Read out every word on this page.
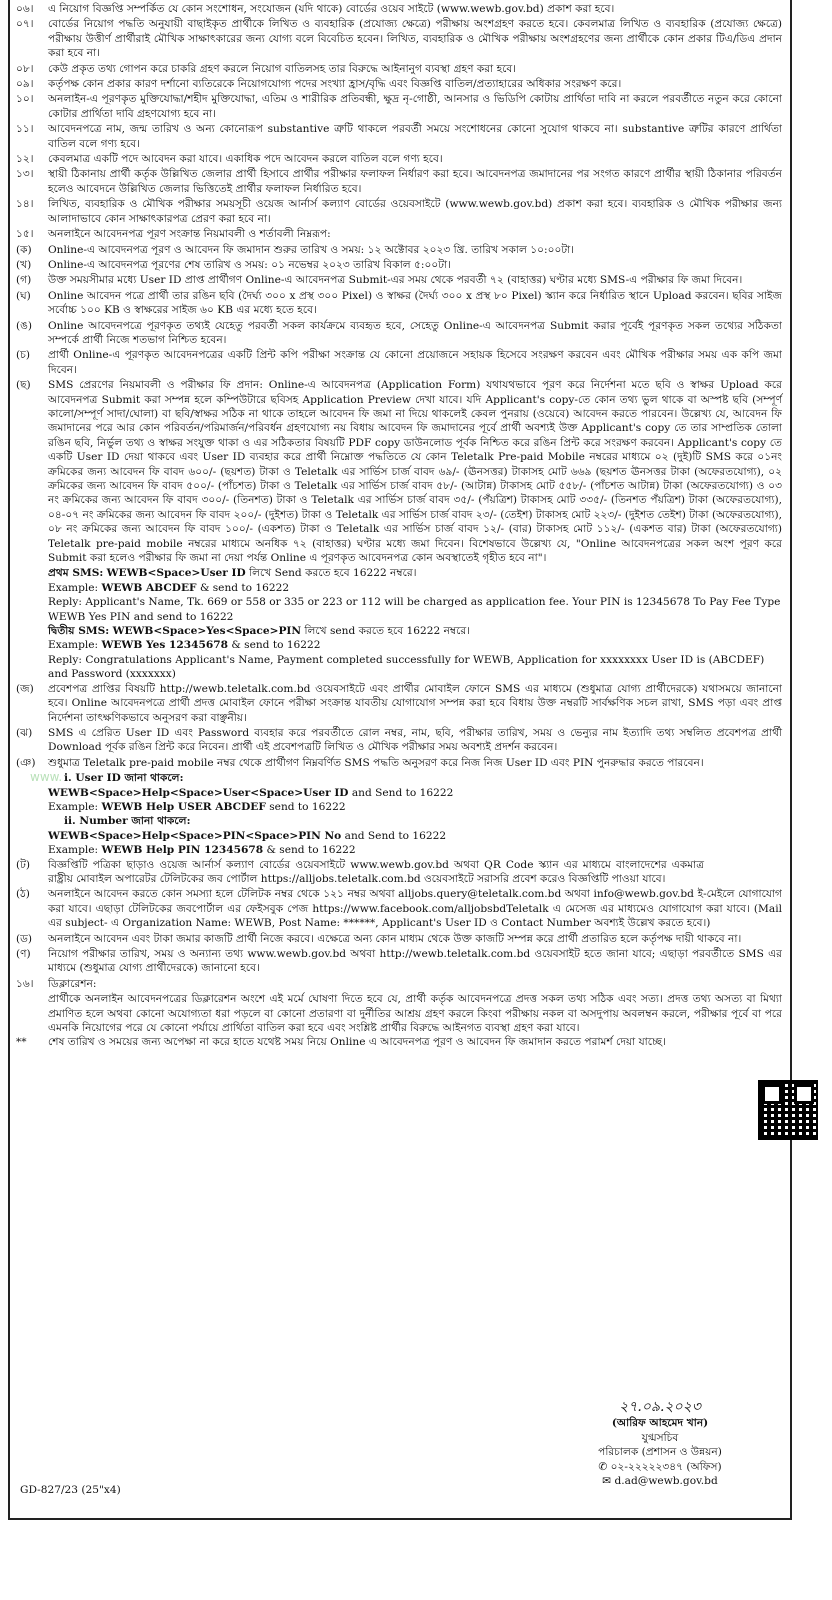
০৬।	এ নিয়োগ বিজ্ঞপ্তি সম্পর্কিত যে কোন সংশোধন, সংযোজন (যদি থাকে) বোর্ডের ওয়েব সাইটে (www.wewb.gov.bd) প্রকাশ করা হবে।
০৭।	বোর্ডের নিয়োগ পদ্ধতি অনুযায়ী বাছাইকৃত প্রার্থীকে লিখিত ও ব্যবহারিক (প্রযোজ্য ক্ষেত্রে) পরীক্ষায় অংশগ্রহণ করতে হবে। কেবলমাত্র লিখিত ও ব্যবহারিক (প্রযোজ্য ক্ষেত্রে) পরীক্ষায় উত্তীর্ণ প্রার্থীরাই মৌখিক সাক্ষাৎকারের জন্য যোগ্য বলে বিবেচিত হবেন। লিখিত, ব্যবহারিক ও মৌখিক পরীক্ষায় অংশগ্রহণের জন্য প্রার্থীকে কোন প্রকার টিএ/ডিএ প্রদান করা হবে না।
০৮।	কেউ প্রকৃত তথ্য গোপন করে চাকরি গ্রহণ করলে নিয়োগ বাতিলসহ তার বিরুদ্ধে আইনানুগ ব্যবস্থা গ্রহণ করা হবে।
০৯।	কর্তৃপক্ষ কোন প্রকার কারণ দর্শানো ব্যতিরেকে নিয়োগযোগ্য পদের সংখ্যা হ্রাস/বৃদ্ধি এবং বিজ্ঞপ্তি বাতিল/প্রত্যাহারের অধিকার সংরক্ষণ করে।
১০।	অনলাইন-এ পূরণকৃত মুক্তিযোদ্ধা/শহীদ মুক্তিযোদ্ধা, এতিম ও শারীরিক প্রতিবন্ধী, ক্ষুদ্র নৃ-গোষ্ঠী, আনসার ও ভিডিপি কোটায় প্রার্থিতা দাবি না করলে পরবর্তীতে নতুন করে কোনো কোটার প্রার্থিতা দাবি গ্রহণযোগ্য হবে না।
১১।	আবেদনপত্রে নাম, জন্ম তারিখ ও অন্য কোনোরূপ substantive ত্রুটি থাকলে পরবর্তী সময়ে সংশোধনের কোনো সুযোগ থাকবে না। substantive ত্রুটির কারণে প্রার্থিতা বাতিল বলে গণ্য হবে।
১২।	কেবলমাত্র একটি পদে আবেদন করা যাবে। একাধিক পদে আবেদন করলে বাতিল বলে গণ্য হবে।
১৩।	স্থায়ী ঠিকানায় প্রার্থী কর্তৃক উল্লিখিত জেলার প্রার্থী হিসাবে প্রার্থীর পরীক্ষার ফলাফল নির্ধারণ করা হবে। আবেদনপত্র জমাদানের পর সংগত কারণে প্রার্থীর স্থায়ী ঠিকানার পরিবর্তন হলেও আবেদনে উল্লিখিত জেলার ভিত্তিতেই প্রার্থীর ফলাফল নির্ধারিত হবে।
১৪।	লিখিত, ব্যবহারিক ও মৌখিক পরীক্ষার সময়সূচী ওয়েজ আর্নার্স কল্যাণ বোর্ডের ওয়েবসাইটে (www.wewb.gov.bd) প্রকাশ করা হবে। ব্যবহারিক ও মৌখিক পরীক্ষার জন্য আলাদাভাবে কোন সাক্ষাৎকারপত্র প্রেরণ করা হবে না।
১৫।	অনলাইনে আবেদনপত্র পূরণ সংক্রান্ত নিয়মাবলী ও শর্তাবলী নিম্নরূপ:
(ক)	Online-এ আবেদনপত্র পূরণ ও আবেদন ফি জমাদান শুরুর তারিখ ও সময়: ১২ অক্টোবর ২০২৩ খ্রি. তারিখ সকাল ১০:০০টা।
(খ)	Online-এ আবেদনপত্র পূরণের শেষ তারিখ ও সময়: ০১ নভেম্বর ২০২৩ তারিখ বিকাল ৫:০০টা।
(গ)	উক্ত সময়সীমার মধ্যে User ID প্রাপ্ত প্রার্থীগণ Online-এ আবেদনপত্র Submit-এর সময় থেকে পরবর্তী ৭২ (বাহাত্তর) ঘণ্টার মধ্যে SMS-এ পরীক্ষার ফি জমা দিবেন।
(ঘ)	Online আবেদন পত্রে প্রার্থী তার রঙিন ছবি (দৈর্ঘ্য ৩০০ x প্রস্থ ৩০০ Pixel) ও স্বাক্ষর (দৈর্ঘ্য ৩০০ x প্রস্থ ৮০ Pixel) স্ক্যান করে নির্ধারিত স্থানে Upload করবেন। ছবির সাইজ সর্বোচ্চ ১০০ KB ও স্বাক্ষরের সাইজ ৬০ KB এর মধ্যে হতে হবে।
(ঙ)	Online আবেদনপত্রে পূরণকৃত তথ্যই যেহেতু পরবর্তী সকল কার্যক্রমে ব্যবহৃত হবে, সেহেতু Online-এ আবেদনপত্র Submit করার পূর্বেই পূরণকৃত সকল তথ্যের সঠিকতা সম্পর্কে প্রার্থী নিজে শতভাগ নিশ্চিত হবেন।
(চ)	প্রার্থী Online-এ পূরণকৃত আবেদনপত্রের একটি প্রিন্ট কপি পরীক্ষা সংক্রান্ত যে কোনো প্রয়োজনে সহায়ক হিসেবে সংরক্ষণ করবেন এবং মৌখিক পরীক্ষার সময় এক কপি জমা দিবেন।
(ছ)	SMS প্রেরণের নিয়মাবলী ও পরীক্ষার ফি প্রদান: Online-এ আবেদনপত্র (Application Form) যথাযথভাবে পূরণ করে নির্দেশনা মতে ছবি ও স্বাক্ষর Upload করে আবেদনপত্র Submit করা সম্পন্ন হলে কম্পিউটারে ছবিসহ Application Preview দেখা যাবে। যদি Applicant's copy-তে কোন তথ্য ভুল থাকে বা অস্পষ্ট ছবি (সম্পূর্ণ কালো/সম্পূর্ণ সাদা/ঘোলা) বা ছবি/স্বাক্ষর সঠিক না থাকে তাহলে আবেদন ফি জমা না দিয়ে থাকলেই কেবল পুনরায় (ওয়েবে) আবেদন করতে পারবেন। উল্লেখ্য যে, আবেদন ফি জমাদানের পরে আর কোন পরিবর্তন/পরিমার্জন/পরিবর্ধন গ্রহণযোগ্য নয় বিধায় আবেদন ফি জমাদানের পূর্বে প্রার্থী অবশ্যই উক্ত Applicant's copy তে তার সাম্প্রতিক তোলা রঙিন ছবি, নির্ভুল তথ্য ও স্বাক্ষর সংযুক্ত থাকা ও এর সঠিকতার বিষয়টি PDF copy ডাউনলোড পূর্বক নিশ্চিত করে রঙিন প্রিন্ট করে সংরক্ষণ করবেন। Applicant's copy তে একটি User ID দেয়া থাকবে এবং User ID ব্যবহার করে প্রার্থী নিম্নোক্ত পদ্ধতিতে যে কোন Teletalk Pre-paid Mobile নম্বরের মাধ্যমে ০২ (দুই)টি SMS করে ০১নং ক্রমিকের জন্য আবেদন ফি বাবদ ৬০০/- (ছয়শত) টাকা ও Teletalk এর সার্ভিস চার্জ বাবদ ৬৯/- (ঊনসত্তর) টাকাসহ মোট ৬৬৯ (ছয়শত ঊনসত্তর টাকা (অফেরতযোগ্য), ০২ ক্রমিকের জন্য আবেদন ফি বাবদ ৫০০/- (পাঁচশত) টাকা ও Teletalk এর সার্ভিস চার্জ বাবদ ৫৮/- (আটান্ন) টাকাসহ মোট ৫৫৮/- (পাঁচশত আটান্ন) টাকা (অফেরতযোগ্য) ও ০৩ নং ক্রমিকের জন্য আবেদন ফি বাবদ ৩০০/- (তিনশত) টাকা ও Teletalk এর সার্ভিস চার্জ বাবদ ৩৫/- (পঁয়ত্রিশ) টাকাসহ মোট ৩৩৫/- (তিনশত পঁয়ত্রিশ) টাকা (অফেরতযোগ্য), ০৪-০৭ নং ক্রমিকের জন্য আবেদন ফি বাবদ ২০০/- (দুইশত) টাকা ও Teletalk এর সার্ভিস চার্জ বাবদ ২৩/- (তেইশ) টাকাসহ মোট ২২৩/- (দুইশত তেইশ) টাকা (অফেরতযোগ্য), ০৮ নং ক্রমিকের জন্য আবেদন ফি বাবদ ১০০/- (একশত) টাকা ও Teletalk এর সার্ভিস চার্জ বাবদ ১২/- (বার) টাকাসহ মোট ১১২/- (একশত বার) টাকা (অফেরতযোগ্য) Teletalk pre-paid mobile নম্বরের মাধ্যমে অনধিক ৭২ (বাহাত্তর) ঘণ্টার মধ্যে জমা দিবেন। বিশেষভাবে উল্লেখ্য যে, "Online আবেদনপত্রের সকল অংশ পূরণ করে Submit করা হলেও পরীক্ষার ফি জমা না দেয়া পর্যন্ত Online এ পূরণকৃত আবেদনপত্র কোন অবস্থাতেই গৃহীত হবে না"।
প্রথম SMS: WEWB<Space>User ID লিখে Send করতে হবে 16222 নম্বরে।
Example: WEWB ABCDEF & send to 16222
Reply: Applicant's Name, Tk. 669 or 558 or 335 or 223 or 112 will be charged as application fee. Your PIN is 12345678 To Pay Fee Type WEWB Yes PIN and send to 16222
দ্বিতীয় SMS: WEWB<Space>Yes<Space>PIN লিখে send করতে হবে 16222 নম্বরে।
Example: WEWB Yes 12345678 & send to 16222
Reply: Congratulations Applicant's Name, Payment completed successfully for WEWB, Application for xxxxxxxx User ID is (ABCDEF) and Password (xxxxxxx)
(জ)	প্রবেশপত্র প্রাপ্তির বিষয়টি http://wewb.teletalk.com.bd ওয়েবসাইটে এবং প্রার্থীর মোবাইল ফোনে SMS এর মাধ্যমে (শুধুমাত্র যোগ্য প্রার্থীদেরকে) যথাসময়ে জানানো হবে। Online আবেদনপত্রে প্রার্থী প্রদত্ত মোবাইল ফোনে পরীক্ষা সংক্রান্ত যাবতীয় যোগাযোগ সম্পন্ন করা হবে বিধায় উক্ত নম্বরটি সার্বক্ষণিক সচল রাখা, SMS পড়া এবং প্রাপ্ত নির্দেশনা তাৎক্ষণিকভাবে অনুসরণ করা বাঞ্ছনীয়।
(ঝ)	SMS এ প্রেরিত User ID এবং Password ব্যবহার করে পরবর্তীতে রোল নম্বর, নাম, ছবি, পরীক্ষার তারিখ, সময় ও ভেন্যুর নাম ইত্যাদি তথ্য সম্বলিত প্রবেশপত্র প্রার্থী Download পূর্বক রঙিন প্রিন্ট করে নিবেন। প্রার্থী এই প্রবেশপত্রটি লিখিত ও মৌখিক পরীক্ষার সময় অবশ্যই প্রদর্শন করবেন।
(ঞ)	শুধুমাত্র Teletalk pre-paid mobile নম্বর থেকে প্রার্থীগণ নিম্নবর্ণিত SMS পদ্ধতি অনুসরণ করে নিজ নিজ User ID এবং PIN পুনরুদ্ধার করতে পারবেন।
i. User ID জানা থাকলে:
WEWB<Space>Help<Space>User<Space>User ID and Send to 16222
Example: WEWB Help USER ABCDEF send to 16222
ii. Number জানা থাকলে:
WEWB<Space>Help<Space>PIN<Space>PIN No and Send to 16222
Example: WEWB Help PIN 12345678 & send to 16222
(ট)	বিজ্ঞপ্তিটি পত্রিকা ছাড়াও ওয়েজ আর্নার্স কল্যাণ বোর্ডের ওয়েবসাইটে www.wewb.gov.bd অথবা QR Code স্ক্যান এর মাধ্যমে বাংলাদেশের একমাত্র রাষ্ট্রীয় মোবাইল অপারেটর টেলিটকের জব পোর্টাল https://alljobs.teletalk.com.bd ওয়েবসাইটে সরাসরি প্রবেশ করেও বিজ্ঞপ্তিটি পাওয়া যাবে।
(ঠ)	অনলাইনে আবেদন করতে কোন সমস্যা হলে টেলিটক নম্বর থেকে ১২১ নম্বর অথবা alljobs.query@teletalk.com.bd অথবা info@wewb.gov.bd ই-মেইলে যোগাযোগ করা যাবে। এছাড়া টেলিটকের জবপোর্টাল এর ফেইসবুক পেজ https://www.facebook.com/alljobsbdTeletalk এ মেসেজ এর মাধ্যমেও যোগাযোগ করা যাবে। (Mail এর subject- এ Organization Name: WEWB, Post Name: ******, Applicant's User ID ও Contact Number অবশ্যই উল্লেখ করতে হবে।)
(ড)	অনলাইনে আবেদন এবং টাকা জমার কাজটি প্রার্থী নিজে করবে। এক্ষেত্রে অন্য কোন মাধ্যম থেকে উক্ত কাজটি সম্পন্ন করে প্রার্থী প্রতারিত হলে কর্তৃপক্ষ দায়ী থাকবে না।
(ণ)	নিয়োগ পরীক্ষার তারিখ, সময় ও অন্যান্য তথ্য www.wewb.gov.bd অথবা http://wewb.teletalk.com.bd ওয়েবসাইট হতে জানা যাবে; এছাড়া পরবর্তীতে SMS এর মাধ্যমে (শুধুমাত্র যোগ্য প্রার্থীদেরকে) জানানো হবে।
১৬।	ডিক্লারেশন:
প্রার্থীকে অনলাইন আবেদনপত্রের ডিক্লারেশন অংশে এই মর্মে ঘোষণা দিতে হবে যে, প্রার্থী কর্তৃক আবেদনপত্রে প্রদত্ত সকল তথ্য সঠিক এবং সত্য। প্রদত্ত তথ্য অসত্য বা মিথ্যা প্রমাণিত হলে অথবা কোনো অযোগ্যতা ধরা পড়লে বা কোনো প্রতারণা বা দুর্নীতির আশ্রয় গ্রহণ করলে কিংবা পরীক্ষায় নকল বা অসদুপায় অবলম্বন করলে, পরীক্ষার পূর্বে বা পরে এমনকি নিয়োগের পরে যে কোনো পর্যায়ে প্রার্থিতা বাতিল করা হবে এবং সংশ্লিষ্ট প্রার্থীর বিরুদ্ধে আইনগত ব্যবস্থা গ্রহণ করা যাবে।
**	শেষ তারিখ ও সময়ের জন্য অপেক্ষা না করে হাতে যথেষ্ট সময় নিয়ে Online এ আবেদনপত্র পূরণ ও আবেদন ফি জমাদান করতে পরামর্শ দেয়া যাচ্ছে।
www.
২৭.০৯.২০২৩
(আরিফ আহমেদ খান)
যুগ্মসচিব
পরিচালক (প্রশাসন ও উন্নয়ন)
✆ ০২-২২২২২৩৪৭ (অফিস)
✉ d.ad@wewb.gov.bd
GD-827/23 (25"x4)
